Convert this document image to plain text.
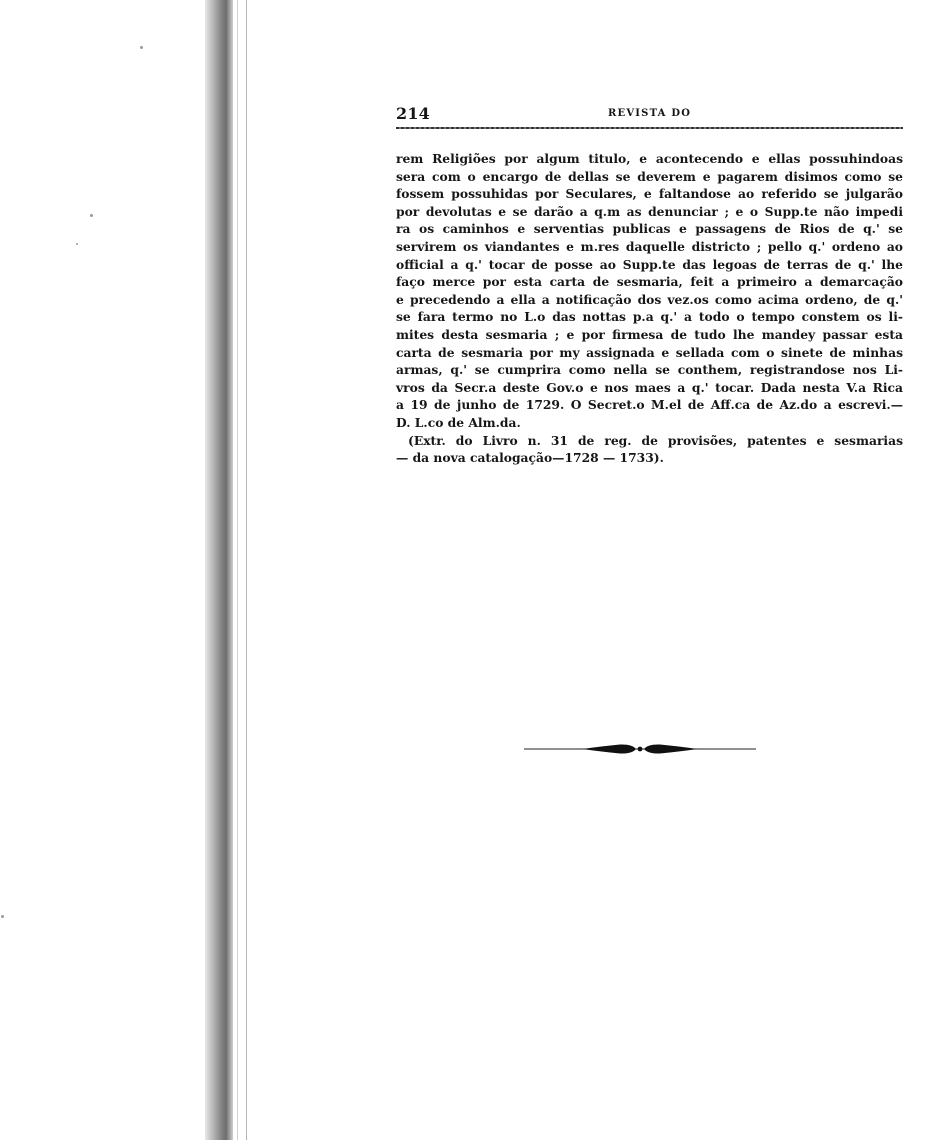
214	REVISTA DO
rem Religiões por algum titulo, e acontecendo e ellas possuhindoas
sera com o encargo de dellas se deverem e pagarem disimos como se
fossem possuhidas por Seculares, e faltandose ao referido se julgarão
por devolutas e se darão a q.m as denunciar ; e o Supp.te não impedi
ra os caminhos e serventias publicas e passagens de Rios de q.' se
servirem os viandantes e m.res daquelle districto ; pello q.' ordeno ao
official a q.' tocar de posse ao Supp.te das legoas de terras de q.' lhe
faço merce por esta carta de sesmaria, feit a primeiro a demarcação
e precedendo a ella a notificação dos vez.os como acima ordeno, de q.'
se fara termo no L.o das nottas p.a q.' a todo o tempo constem os li-
mites desta sesmaria ; e por firmesa de tudo lhe mandey passar esta
carta de sesmaria por my assignada e sellada com o sinete de minhas
armas, q.' se cumprira como nella se conthem, registrandose nos Li-
vros da Secr.a deste Gov.o e nos maes a q.' tocar. Dada nesta V.a Rica
a 19 de junho de 1729. O Secret.o M.el de Aff.ca de Az.do a escrevi.—
D. L.co de Alm.da.
(Extr. do Livro n. 31 de reg. de provisões, patentes e sesmarias
— da nova catalogação—1728 — 1733).
